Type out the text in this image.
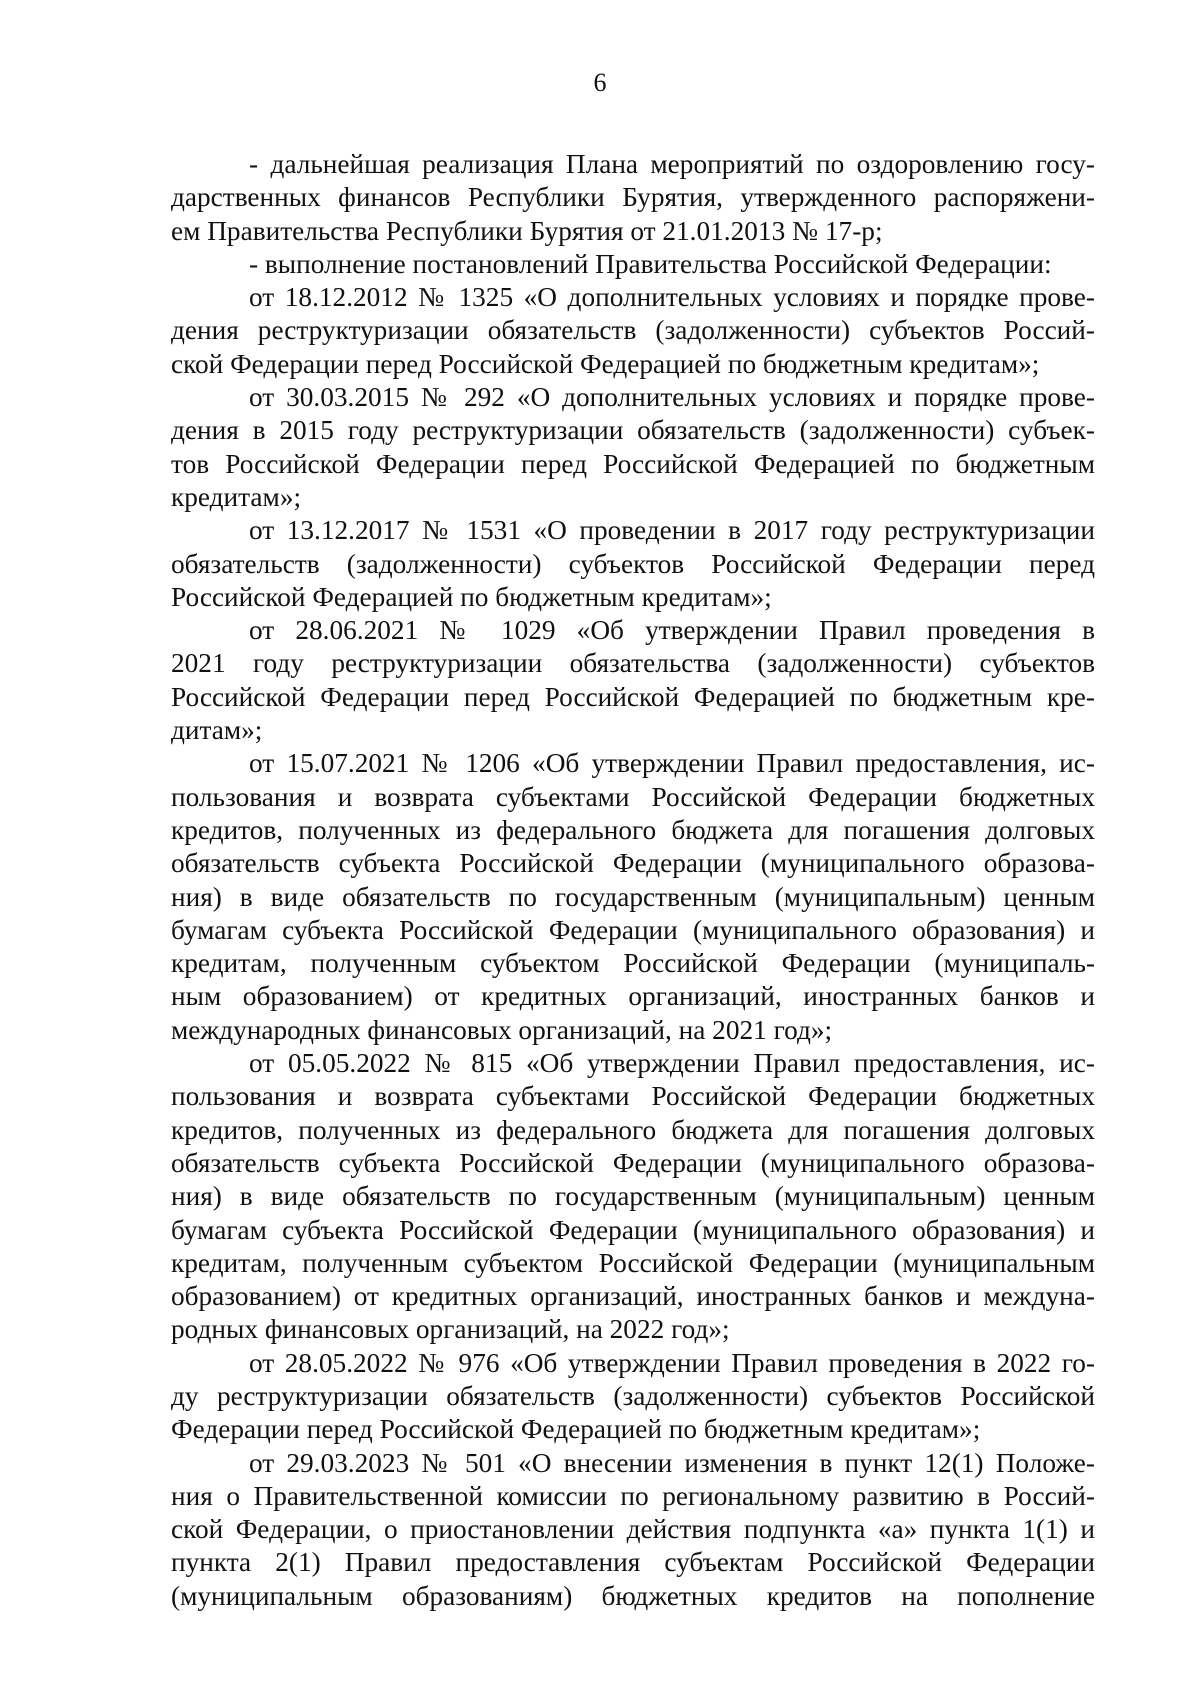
6
- дальнейшая реализация Плана мероприятий по оздоровлению госу-
дарственных финансов Республики Бурятия, утвержденного распоряжени-
ем Правительства Республики Бурятия от 21.01.2013 № 17-р;
- выполнение постановлений Правительства Российской Федерации:
от 18.12.2012 № 1325 «О дополнительных условиях и порядке прове-
дения реструктуризации обязательств (задолженности) субъектов Россий-
ской Федерации перед Российской Федерацией по бюджетным кредитам»;
от 30.03.2015 № 292 «О дополнительных условиях и порядке прове-
дения в 2015 году реструктуризации обязательств (задолженности) субъек-
тов Российской Федерации перед Российской Федерацией по бюджетным
кредитам»;
от 13.12.2017 № 1531 «О проведении в 2017 году реструктуризации
обязательств (задолженности) субъектов Российской Федерации перед
Российской Федерацией по бюджетным кредитам»;
от 28.06.2021 № 1029 «Об утверждении Правил проведения в
2021 году реструктуризации обязательства (задолженности) субъектов
Российской Федерации перед Российской Федерацией по бюджетным кре-
дитам»;
от 15.07.2021 № 1206 «Об утверждении Правил предоставления, ис-
пользования и возврата субъектами Российской Федерации бюджетных
кредитов, полученных из федерального бюджета для погашения долговых
обязательств субъекта Российской Федерации (муниципального образова-
ния) в виде обязательств по государственным (муниципальным) ценным
бумагам субъекта Российской Федерации (муниципального образования) и
кредитам, полученным субъектом Российской Федерации (муниципаль-
ным образованием) от кредитных организаций, иностранных банков и
международных финансовых организаций, на 2021 год»;
от 05.05.2022 № 815 «Об утверждении Правил предоставления, ис-
пользования и возврата субъектами Российской Федерации бюджетных
кредитов, полученных из федерального бюджета для погашения долговых
обязательств субъекта Российской Федерации (муниципального образова-
ния) в виде обязательств по государственным (муниципальным) ценным
бумагам субъекта Российской Федерации (муниципального образования) и
кредитам, полученным субъектом Российской Федерации (муниципальным
образованием) от кредитных организаций, иностранных банков и междуна-
родных финансовых организаций, на 2022 год»;
от 28.05.2022 № 976 «Об утверждении Правил проведения в 2022 го-
ду реструктуризации обязательств (задолженности) субъектов Российской
Федерации перед Российской Федерацией по бюджетным кредитам»;
от 29.03.2023 № 501 «О внесении изменения в пункт 12(1) Положе-
ния о Правительственной комиссии по региональному развитию в Россий-
ской Федерации, о приостановлении действия подпункта «а» пункта 1(1) и
пункта 2(1) Правил предоставления субъектам Российской Федерации
(муниципальным образованиям) бюджетных кредитов на пополнение
